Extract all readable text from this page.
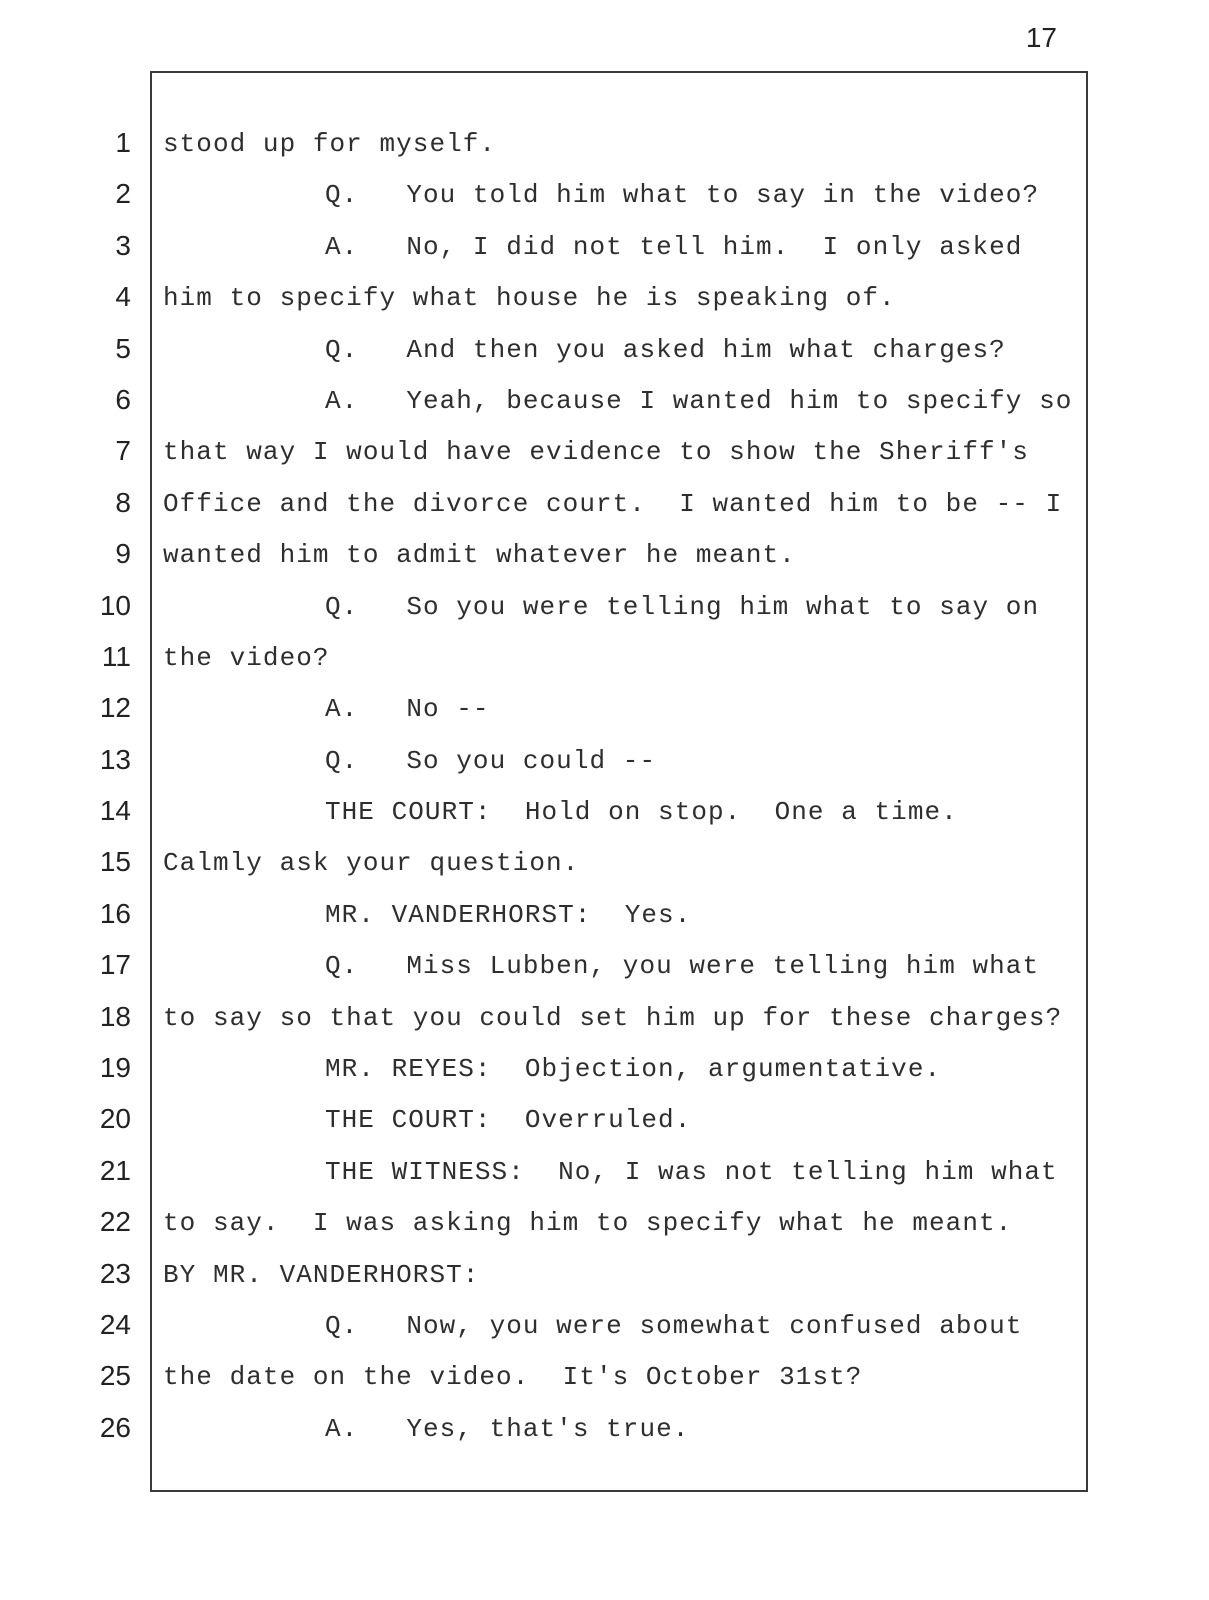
17
1 stood up for myself.
2	Q. You told him what to say in the video?
3	A. No, I did not tell him.  I only asked
4 him to specify what house he is speaking of.
5	Q. And then you asked him what charges?
6	A. Yeah, because I wanted him to specify so
7 that way I would have evidence to show the Sheriff's
8 Office and the divorce court.  I wanted him to be -- I
9 wanted him to admit whatever he meant.
10	Q. So you were telling him what to say on
11 the video?
12	A. No --
13	Q. So you could --
14	THE COURT:  Hold on stop.  One a time.
15 Calmly ask your question.
16	MR. VANDERHORST:  Yes.
17	Q. Miss Lubben, you were telling him what
18 to say so that you could set him up for these charges?
19	MR. REYES:  Objection, argumentative.
20	THE COURT:  Overruled.
21	THE WITNESS:  No, I was not telling him what
22 to say.  I was asking him to specify what he meant.
23 BY MR. VANDERHORST:
24	Q. Now, you were somewhat confused about
25 the date on the video.  It's October 31st?
26	A. Yes, that's true.
